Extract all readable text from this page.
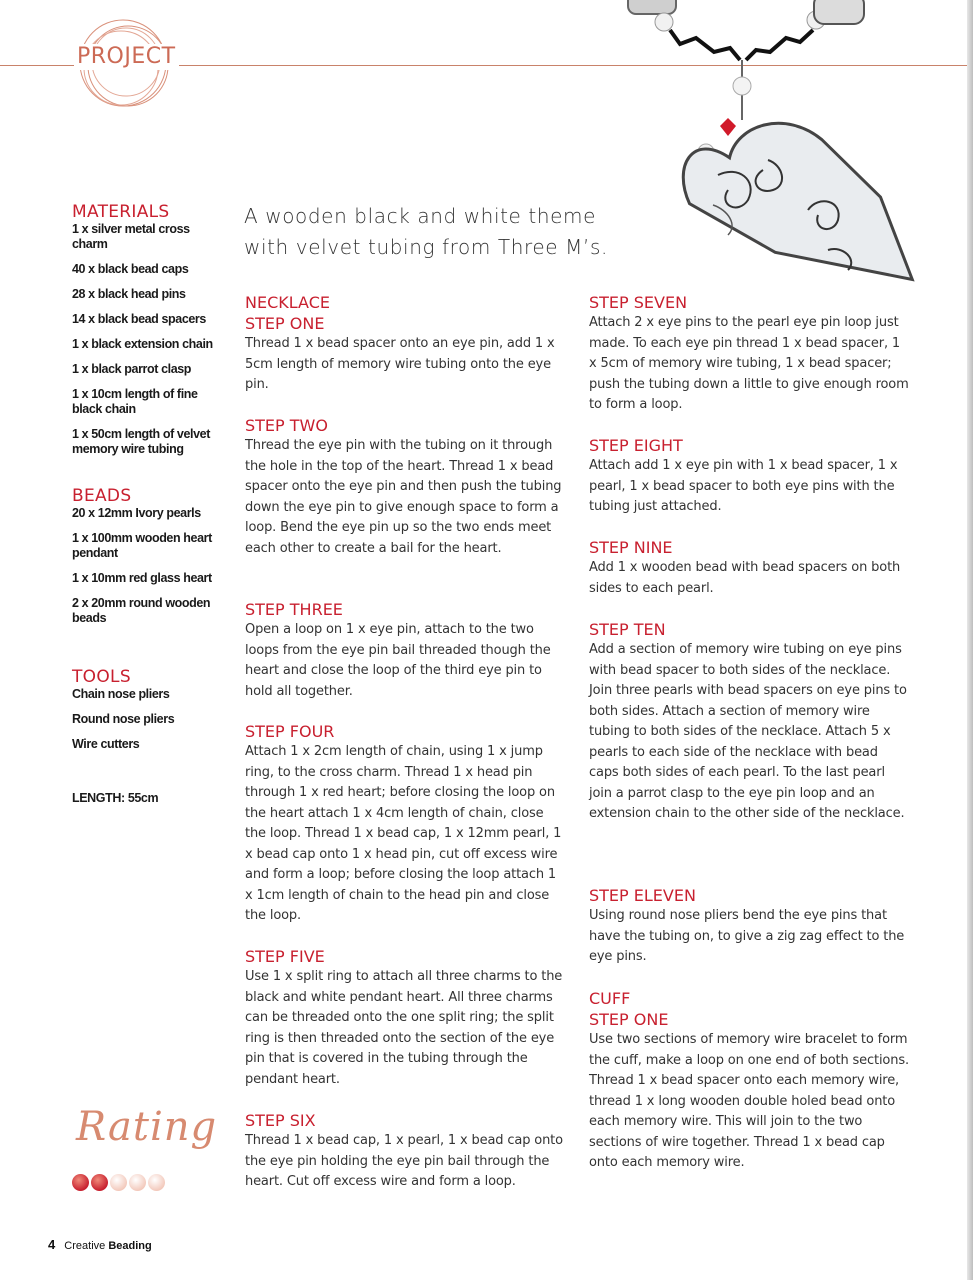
PROJECT
MATERIALS
1 x silver metal cross charm
40 x black bead caps
28 x black head pins
14 x black bead spacers
1 x black extension chain
1 x black parrot clasp
1 x 10cm length of fine black chain
1 x 50cm length of velvet memory wire tubing
BEADS
20 x 12mm Ivory pearls
1 x 100mm wooden heart pendant
1 x 10mm red glass heart
2 x 20mm round wooden beads
TOOLS
Chain nose pliers
Round nose pliers
Wire cutters
LENGTH: 55cm
A wooden black and white theme with velvet tubing from Three M’s.
NECKLACE
STEP ONE
Thread 1 x bead spacer onto an eye pin, add 1 x 5cm length of memory wire tubing onto the eye pin.
STEP TWO
Thread the eye pin with the tubing on it through the hole in the top of the heart. Thread 1 x bead spacer onto the eye pin and then push the tubing down the eye pin to give enough space to form a loop. Bend the eye pin up so the two ends meet each other to create a bail for the heart.
STEP THREE
Open a loop on 1 x eye pin, attach to the two loops from the eye pin bail threaded though the heart and close the loop of the third eye pin to hold all together.
STEP FOUR
Attach 1 x 2cm length of chain, using 1 x jump ring, to the cross charm. Thread 1 x head pin through 1 x red heart; before closing the loop on the heart attach 1 x 4cm length of chain, close the loop. Thread 1 x bead cap, 1 x 12mm pearl, 1 x bead cap onto 1 x head pin, cut off excess wire and form a loop; before closing the loop attach 1 x 1cm length of chain to the head pin and close the loop.
STEP FIVE
Use 1 x split ring to attach all three charms to the black and white pendant heart. All three charms can be threaded onto the one split ring; the split ring is then threaded onto the section of the eye pin that is covered in the tubing through the pendant heart.
STEP SIX
Thread 1 x bead cap, 1 x pearl, 1 x bead cap onto the eye pin holding the eye pin bail through the heart. Cut off excess wire and form a loop.
STEP SEVEN
Attach 2 x eye pins to the pearl eye pin loop just made. To each eye pin thread 1 x bead spacer, 1 x 5cm of memory wire tubing, 1 x bead spacer; push the tubing down a little to give enough room to form a loop.
STEP EIGHT
Attach add 1 x eye pin with 1 x bead spacer, 1 x pearl, 1 x bead spacer to both eye pins with the tubing just attached.
STEP NINE
Add 1 x wooden bead with bead spacers on both sides to each pearl.
STEP TEN
Add a section of memory wire tubing on eye pins with bead spacer to both sides of the necklace. Join three pearls with bead spacers on eye pins to both sides. Attach a section of memory wire tubing to both sides of the necklace. Attach 5 x pearls to each side of the necklace with bead caps both sides of each pearl. To the last pearl join a parrot clasp to the eye pin loop and an extension chain to the other side of the necklace.
STEP ELEVEN
Using round nose pliers bend the eye pins that have the tubing on, to give a zig zag effect to the eye pins.
CUFF
STEP ONE
Use two sections of memory wire bracelet to form the cuff, make a loop on one end of both sections.
Thread 1 x bead spacer onto each memory wire, thread 1 x long wooden double holed bead onto each memory wire. This will join to the two sections of wire together. Thread 1 x bead cap onto each memory wire.
Rating
4 Creative Beading
